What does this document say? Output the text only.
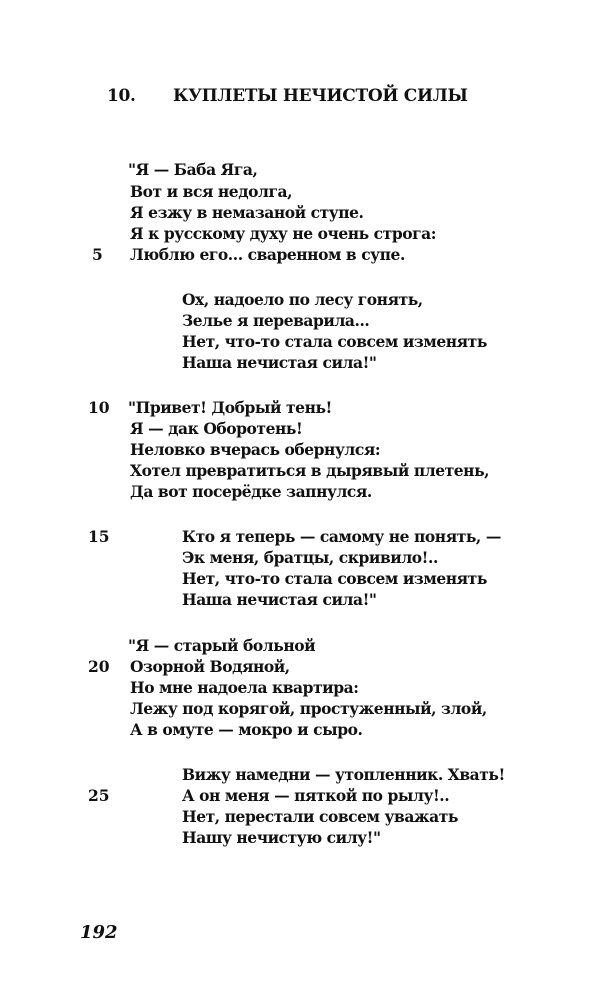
10. КУПЛЕТЫ НЕЧИСТОЙ СИЛЫ
"Я — Баба Яга,
Вот и вся недолга,
Я езжу в немазаной ступе.
Я к русскому духу не очень строга:
Люблю его... сваренном в супе.
Ох, надоело по лесу гонять,
Зелье я переварила...
Нет, что-то стала совсем изменять
Наша нечистая сила!"
"Привет! Добрый тень!
Я — дак Оборотень!
Неловко вчерась обернулся:
Хотел превратиться в дырявый плетень,
Да вот посерёдке запнулся.
Кто я теперь — самому не понять, —
Эк меня, братцы, скривило!..
Нет, что-то стала совсем изменять
Наша нечистая сила!"
"Я — старый больной
Озорной Водяной,
Но мне надоела квартира:
Лежу под корягой, простуженный, злой,
А в омуте — мокро и сыро.
Вижу намедни — утопленник. Хвать!
А он меня — пяткой по рылу!..
Нет, перестали совсем уважать
Нашу нечистую силу!"
5
10
15
20
25
192
